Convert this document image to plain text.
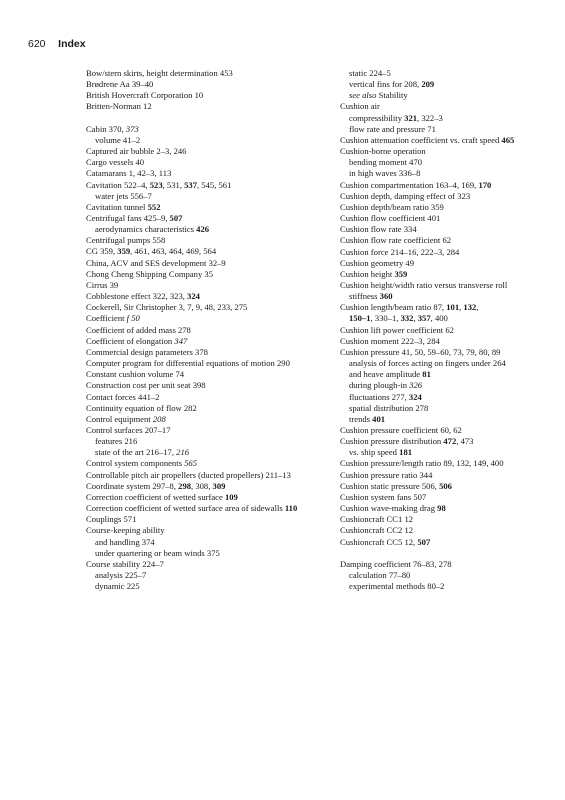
620 Index
Bow/stern skirts, height determination 453
Brødrene Aa 39–40
British Hovercraft Corporation 10
Britten-Norman 12
Cabin 370, 373
volume 41–2
Captured air bubble 2–3, 246
Cargo vessels 40
Catamarans 1, 42–3, 113
Cavitation 522–4, 523, 531, 537, 545, 561
water jets 556–7
Cavitation tunnel 552
Centrifugal fans 425–9, 507
aerodynamics characteristics 426
Centrifugal pumps 558
CG 359, 359, 461, 463, 464, 469, 564
China, ACV and SES development 32–9
Chong Cheng Shipping Company 35
Cirrus 39
Cobblestone effect 322, 323, 324
Cockerell, Sir Christopher 3, 7, 9, 48, 233, 275
Coefficient f 50
Coefficient of added mass 278
Coefficient of elongation 347
Commercial design parameters 378
Computer program for differential equations of motion 290
Constant cushion volume 74
Construction cost per unit seat 398
Contact forces 441–2
Continuity equation of flow 282
Control equipment 208
Control surfaces 207–17
features 216
state of the art 216–17, 216
Control system components 565
Controllable pitch air propellers (ducted propellers) 211–13
Coordinate system 297–8, 298, 308, 309
Correction coefficient of wetted surface 109
Correction coefficient of wetted surface area of sidewalls 110
Couplings 571
Course-keeping ability
and handling 374
under quartering or beam winds 375
Course stability 224–7
analysis 225–7
dynamic 225
static 224–5
vertical fins for 208, 209
see also Stability
Cushion air
compressibility 321, 322–3
flow rate and pressure 71
Cushion attenuation coefficient vs. craft speed 465
Cushion-borne operation
bending moment 470
in high waves 336–8
Cushion compartmentation 163–4, 169, 170
Cushion depth, damping effect of 323
Cushion depth/beam ratio 359
Cushion flow coefficient 401
Cushion flow rate 334
Cushion flow rate coefficient 62
Cushion force 214–16, 222–3, 284
Cushion geometry 49
Cushion height 359
Cushion height/width ratio versus transverse roll stiffness 360
Cushion length/beam ratio 87, 101, 132,
150–1, 330–1, 332, 357, 400
Cushion lift power coefficient 62
Cushion moment 222–3, 284
Cushion pressure 41, 50, 59–60, 73, 79, 80, 89
analysis of forces acting on fingers under 264
and heave amplitude 81
during plough-in 326
fluctuations 277, 324
spatial distribution 278
trends 401
Cushion pressure coefficient 60, 62
Cushion pressure distribution 472, 473
vs. ship speed 181
Cushion pressure/length ratio 89, 132, 149, 400
Cushion pressure ratio 344
Cushion static pressure 506, 506
Cushion system fans 507
Cushion wave-making drag 98
Cushioncraft CC1 12
Cushioncraft CC2 12
Cushioncraft CC5 12, 507
Damping coefficient 76–83, 278
calculation 77–80
experimental methods 80–2
